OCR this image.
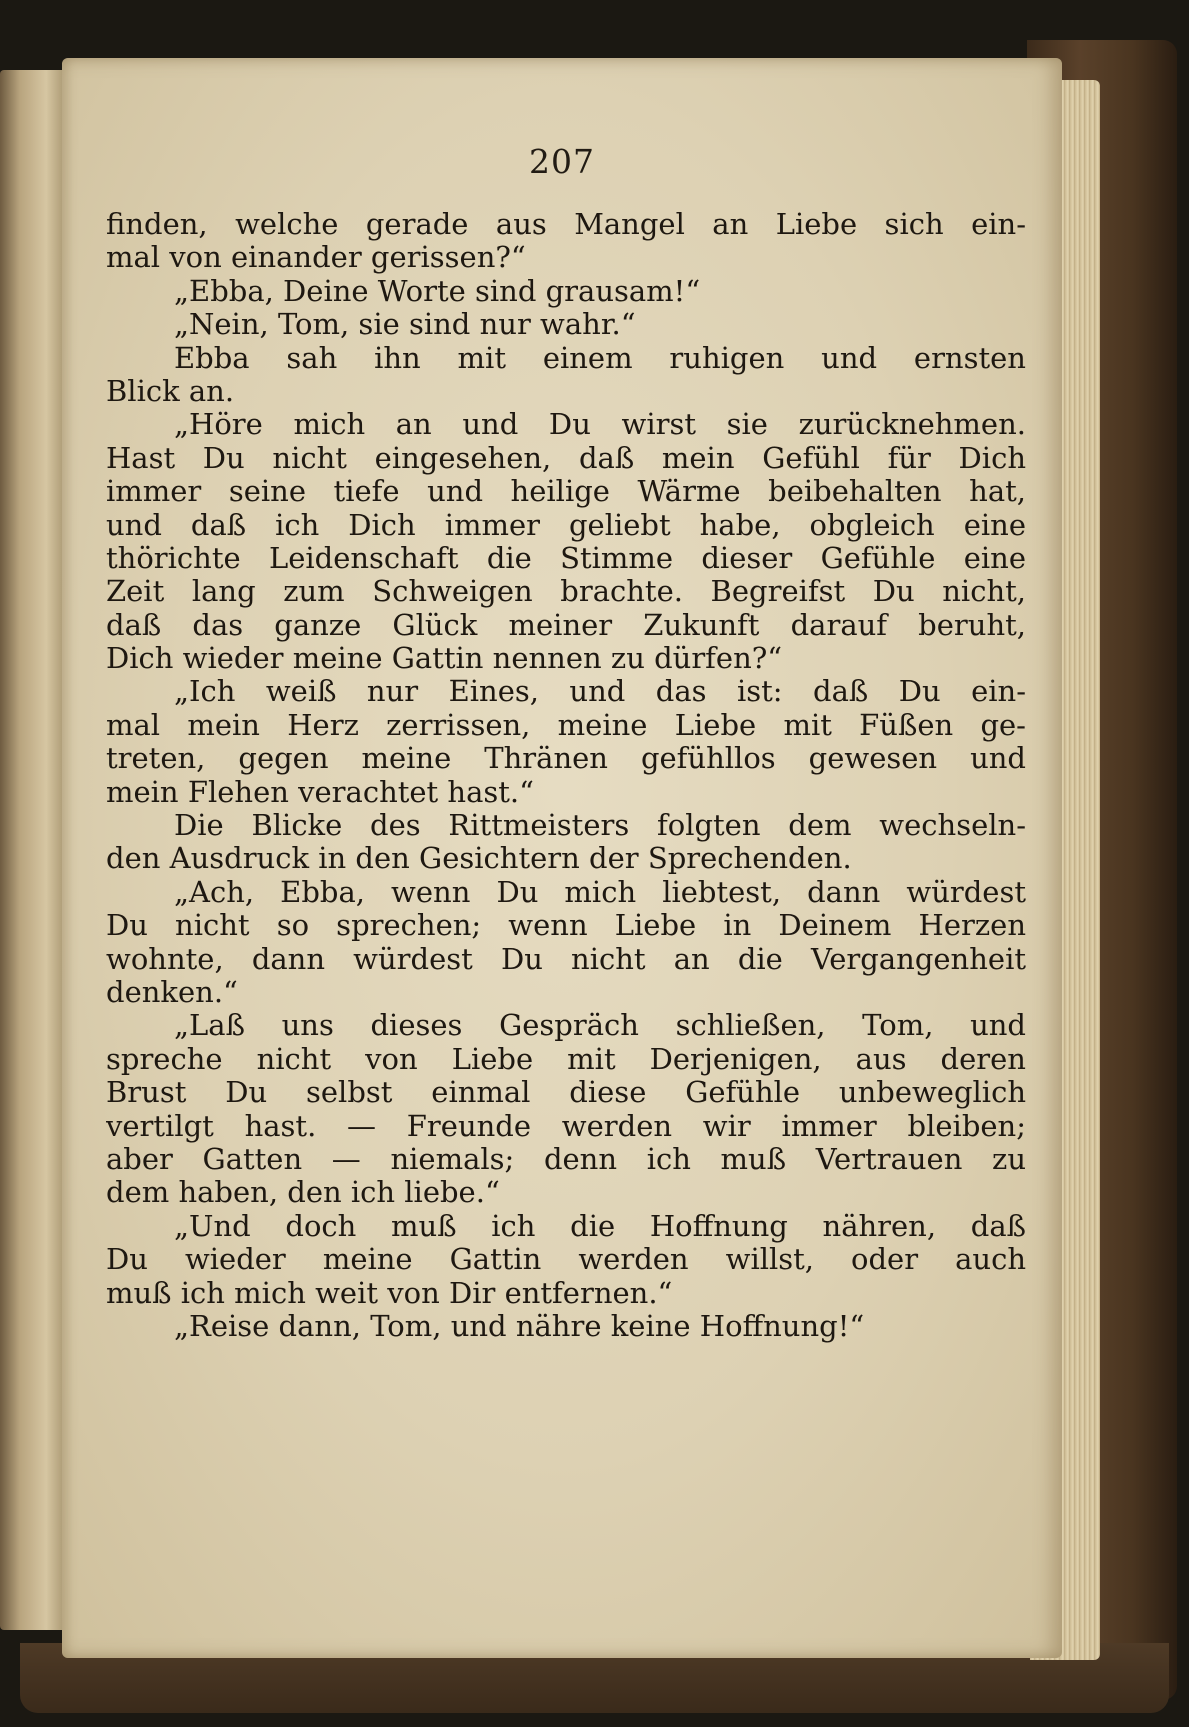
207
finden, welche gerade aus Mangel an Liebe sich ein-
mal von einander gerissen?“
„Ebba, Deine Worte sind grausam!“
„Nein, Tom, sie sind nur wahr.“
Ebba sah ihn mit einem ruhigen und ernsten
Blick an.
„Höre mich an und Du wirst sie zurücknehmen.
Hast Du nicht eingesehen, daß mein Gefühl für Dich
immer seine tiefe und heilige Wärme beibehalten hat,
und daß ich Dich immer geliebt habe, obgleich eine
thörichte Leidenschaft die Stimme dieser Gefühle eine
Zeit lang zum Schweigen brachte. Begreifst Du nicht,
daß das ganze Glück meiner Zukunft darauf beruht,
Dich wieder meine Gattin nennen zu dürfen?“
„Ich weiß nur Eines, und das ist: daß Du ein-
mal mein Herz zerrissen, meine Liebe mit Füßen ge-
treten, gegen meine Thränen gefühllos gewesen und
mein Flehen verachtet hast.“
Die Blicke des Rittmeisters folgten dem wechseln-
den Ausdruck in den Gesichtern der Sprechenden.
„Ach, Ebba, wenn Du mich liebtest, dann würdest
Du nicht so sprechen; wenn Liebe in Deinem Herzen
wohnte, dann würdest Du nicht an die Vergangenheit
denken.“
„Laß uns dieses Gespräch schließen, Tom, und
spreche nicht von Liebe mit Derjenigen, aus deren
Brust Du selbst einmal diese Gefühle unbeweglich
vertilgt hast. — Freunde werden wir immer bleiben;
aber Gatten — niemals; denn ich muß Vertrauen zu
dem haben, den ich liebe.“
„Und doch muß ich die Hoffnung nähren, daß
Du wieder meine Gattin werden willst, oder auch
muß ich mich weit von Dir entfernen.“
„Reise dann, Tom, und nähre keine Hoffnung!“
